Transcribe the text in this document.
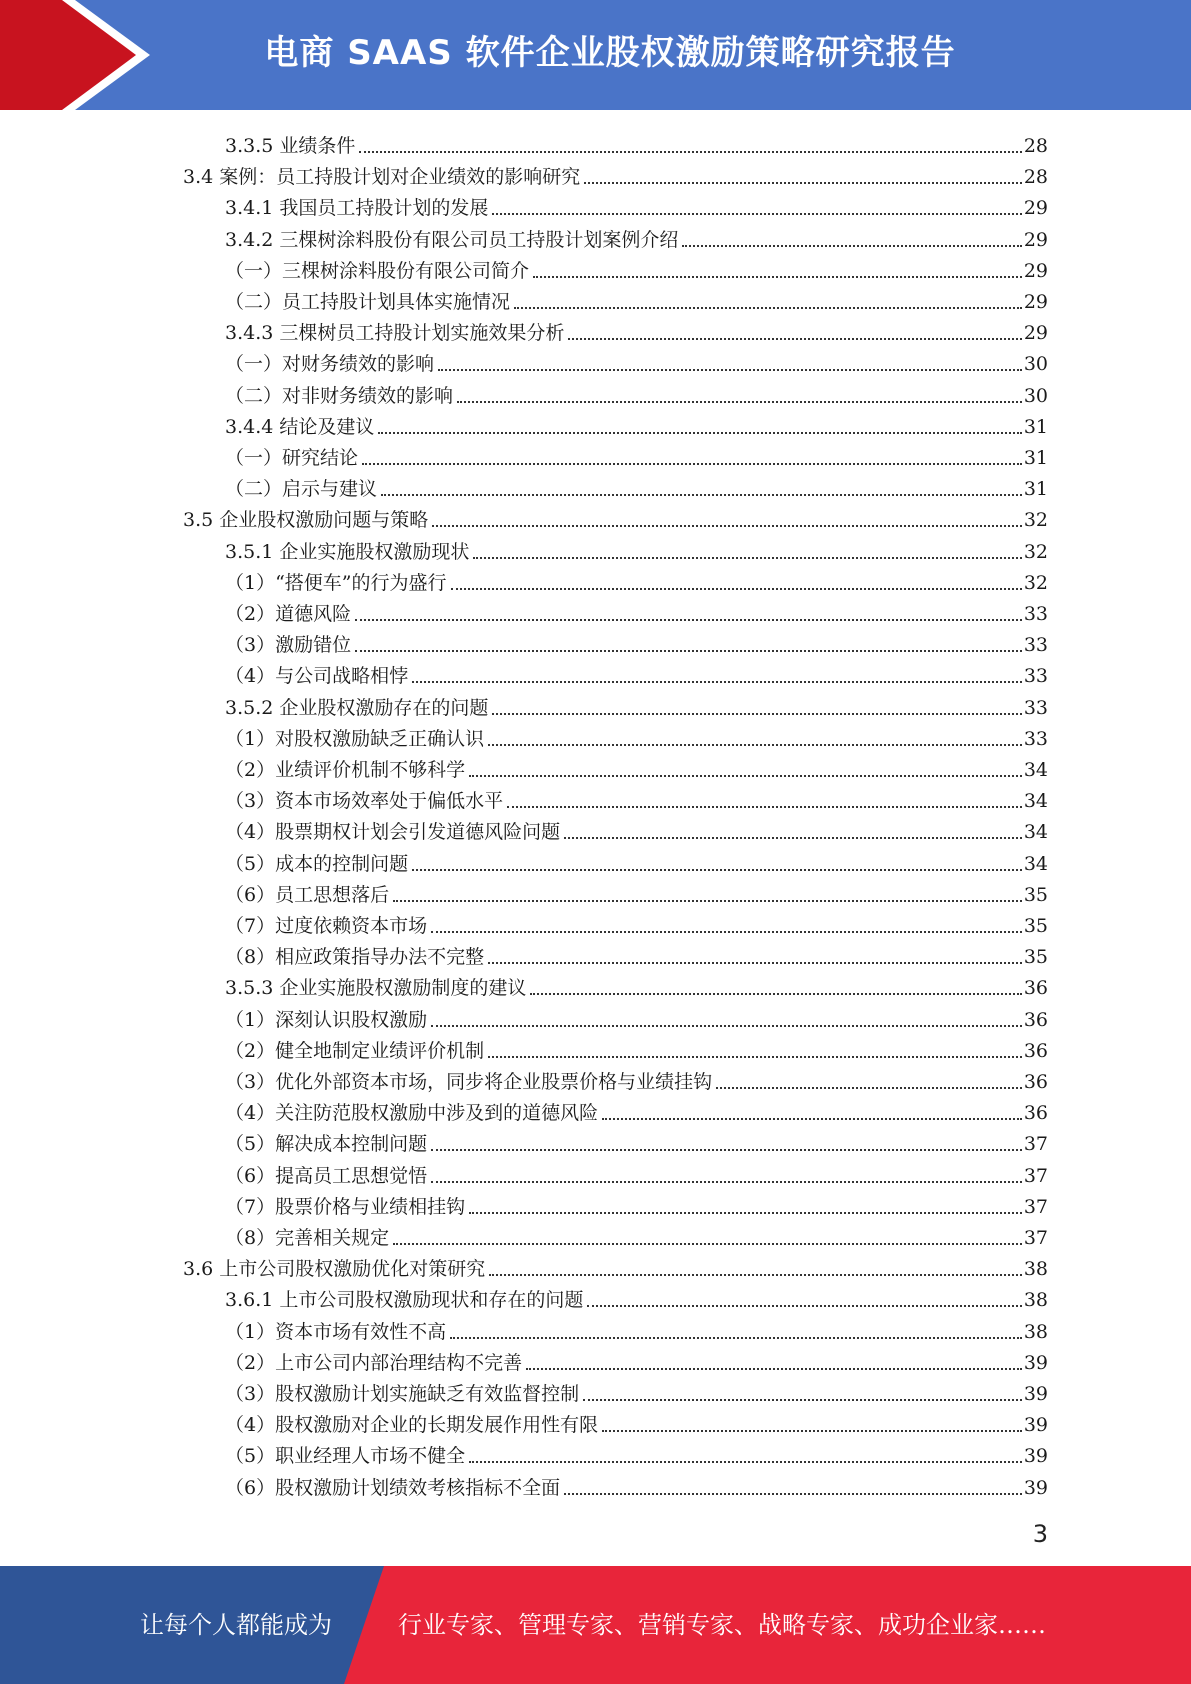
电商 SAAS 软件企业股权激励策略研究报告
3.3.5 业绩条件	28
3.4 案例：员工持股计划对企业绩效的影响研究	28
3.4.1 我国员工持股计划的发展	29
3.4.2 三棵树涂料股份有限公司员工持股计划案例介绍	29
（一）三棵树涂料股份有限公司简介	29
（二）员工持股计划具体实施情况	29
3.4.3 三棵树员工持股计划实施效果分析	29
（一）对财务绩效的影响	30
（二）对非财务绩效的影响	30
3.4.4 结论及建议	31
（一）研究结论	31
（二）启示与建议	31
3.5 企业股权激励问题与策略	32
3.5.1 企业实施股权激励现状	32
（1）“搭便车”的行为盛行	32
（2）道德风险	33
（3）激励错位	33
（4）与公司战略相悖	33
3.5.2 企业股权激励存在的问题	33
（1）对股权激励缺乏正确认识	33
（2）业绩评价机制不够科学	34
（3）资本市场效率处于偏低水平	34
（4）股票期权计划会引发道德风险问题	34
（5）成本的控制问题	34
（6）员工思想落后	35
（7）过度依赖资本市场	35
（8）相应政策指导办法不完整	35
3.5.3 企业实施股权激励制度的建议	36
（1）深刻认识股权激励	36
（2）健全地制定业绩评价机制	36
（3）优化外部资本市场，同步将企业股票价格与业绩挂钩	36
（4）关注防范股权激励中涉及到的道德风险	36
（5）解决成本控制问题	37
（6）提高员工思想觉悟	37
（7）股票价格与业绩相挂钩	37
（8）完善相关规定	37
3.6 上市公司股权激励优化对策研究	38
3.6.1 上市公司股权激励现状和存在的问题	38
（1）资本市场有效性不高	38
（2）上市公司内部治理结构不完善	39
（3）股权激励计划实施缺乏有效监督控制	39
（4）股权激励对企业的长期发展作用性有限	39
（5）职业经理人市场不健全	39
（6）股权激励计划绩效考核指标不全面	39
3
让每个人都能成为	行业专家、管理专家、营销专家、战略专家、成功企业家……
